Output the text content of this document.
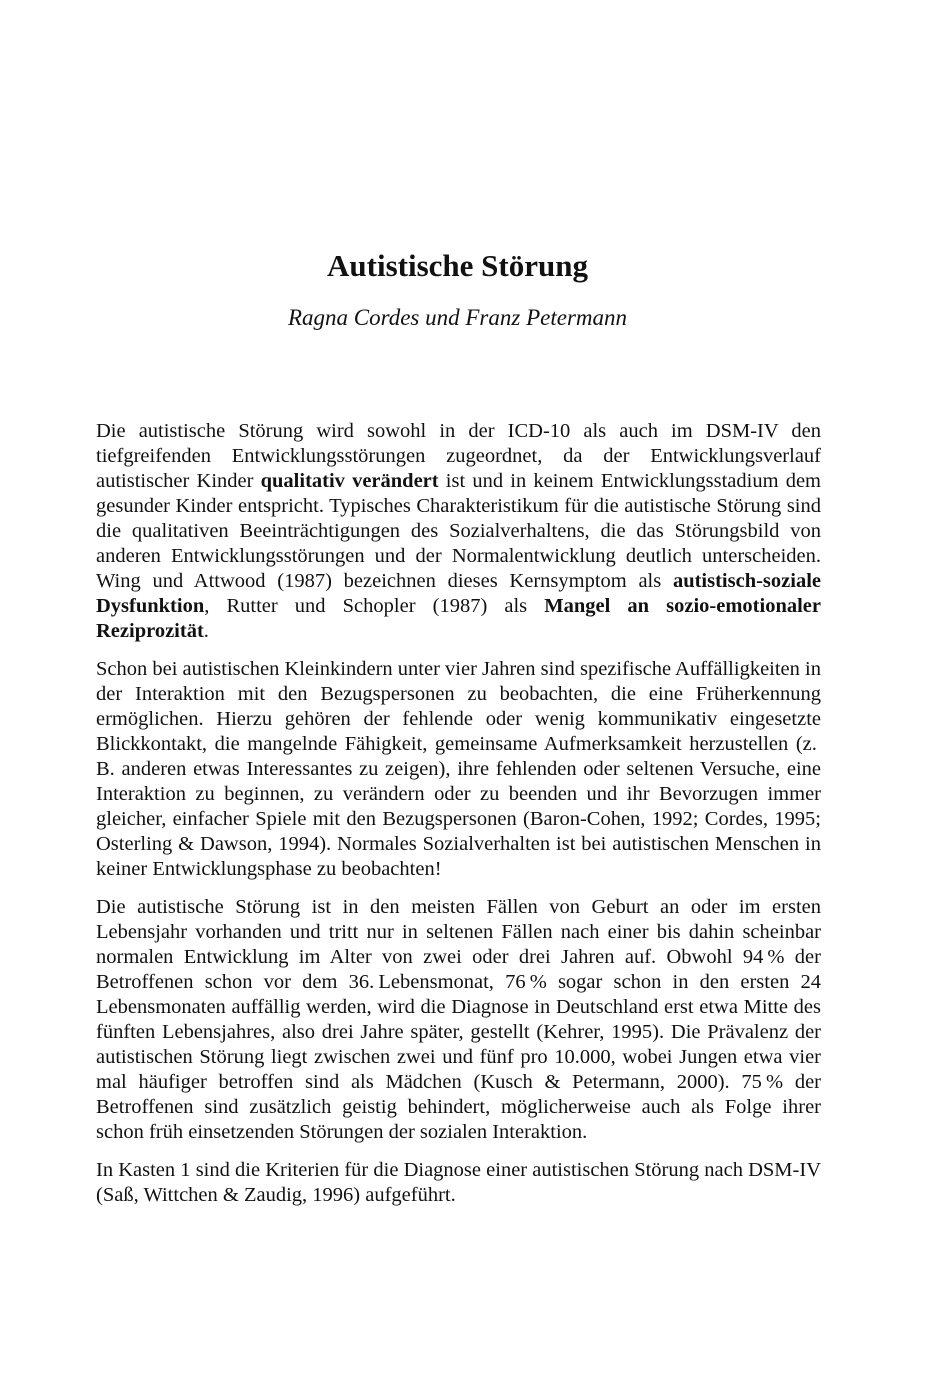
Autistische Störung
Ragna Cordes und Franz Petermann

Die autistische Störung wird sowohl in der ICD-10 als auch im DSM-IV den tiefgreifenden Entwicklungsstörungen zugeordnet, da der Entwicklungsverlauf autistischer Kinder qualitativ verändert ist und in keinem Entwicklungsstadium dem gesunder Kinder entspricht. Typisches Charakteristikum für die autistische Störung sind die qualitativen Beeinträchtigungen des Sozialverhaltens, die das Störungsbild von anderen Entwicklungsstörungen und der Normalentwicklung deutlich unterscheiden. Wing und Attwood (1987) bezeichnen dieses Kernsymptom als autistisch-soziale Dysfunktion, Rutter und Schopler (1987) als Mangel an sozio-emotionaler Reziprozität.

Schon bei autistischen Kleinkindern unter vier Jahren sind spezifische Auffälligkeiten in der Interaktion mit den Bezugspersonen zu beobachten, die eine Früherkennung ermöglichen. Hierzu gehören der fehlende oder wenig kommunikativ eingesetzte Blickkontakt, die mangelnde Fähigkeit, gemeinsame Aufmerksamkeit herzustellen (z. B. anderen etwas Interessantes zu zeigen), ihre fehlenden oder seltenen Versuche, eine Interaktion zu beginnen, zu verändern oder zu beenden und ihr Bevorzugen immer gleicher, einfacher Spiele mit den Bezugspersonen (Baron-Cohen, 1992; Cordes, 1995; Osterling & Dawson, 1994). Normales Sozialverhalten ist bei autistischen Menschen in keiner Entwicklungsphase zu beobachten!

Die autistische Störung ist in den meisten Fällen von Geburt an oder im ersten Lebensjahr vorhanden und tritt nur in seltenen Fällen nach einer bis dahin scheinbar normalen Entwicklung im Alter von zwei oder drei Jahren auf. Obwohl 94 % der Betroffenen schon vor dem 36. Lebensmonat, 76 % sogar schon in den ersten 24 Lebensmonaten auffällig werden, wird die Diagnose in Deutschland erst etwa Mitte des fünften Lebensjahres, also drei Jahre später, gestellt (Kehrer, 1995). Die Prävalenz der autistischen Störung liegt zwischen zwei und fünf pro 10.000, wobei Jungen etwa vier mal häufiger betroffen sind als Mädchen (Kusch & Petermann, 2000). 75 % der Betroffenen sind zusätzlich geistig behindert, möglicherweise auch als Folge ihrer schon früh einsetzenden Störungen der sozialen Interaktion.

In Kasten 1 sind die Kriterien für die Diagnose einer autistischen Störung nach DSM-IV (Saß, Wittchen & Zaudig, 1996) aufgeführt.
